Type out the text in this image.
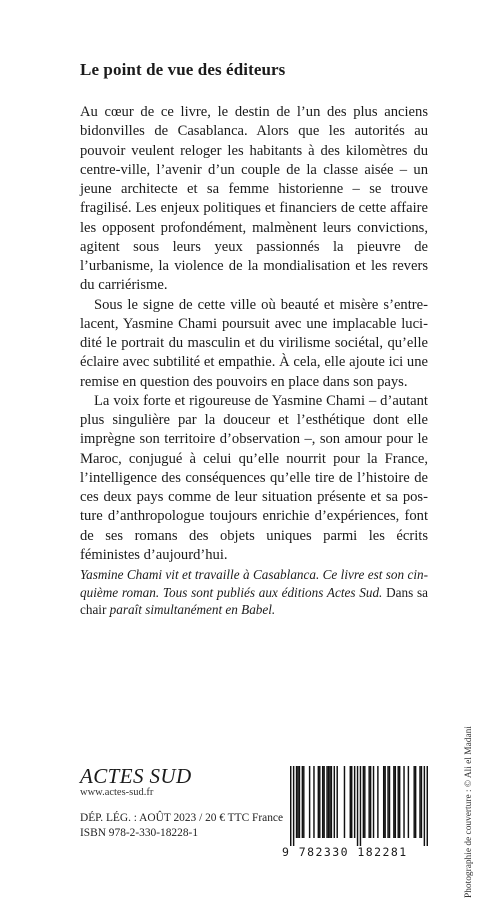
Le point de vue des éditeurs

Au cœur de ce livre, le destin de l’un des plus anciens bidonvilles de Casablanca. Alors que les autorités au pouvoir veulent reloger les habitants à des kilomètres du centre-ville, l’avenir d’un couple de la classe aisée – un jeune architecte et sa femme historienne – se trouve fragilisé. Les enjeux politiques et financiers de cette affaire les opposent profondément, malmènent leurs convictions, agitent sous leurs yeux passionnés la pieuvre de l’urbanisme, la violence de la mondialisation et les revers du carriérisme.

Sous le signe de cette ville où beauté et misère s’entrelacent, Yasmine Chami poursuit avec une implacable lucidité le portrait du masculin et du virilisme sociétal, qu’elle éclaire avec subtilité et empathie. À cela, elle ajoute ici une remise en question des pouvoirs en place dans son pays.

La voix forte et rigoureuse de Yasmine Chami – d’autant plus singulière par la douceur et l’esthétique dont elle imprègne son territoire d’observation –, son amour pour le Maroc, conjugué à celui qu’elle nourrit pour la France, l’intelligence des conséquences qu’elle tire de l’histoire de ces deux pays comme de leur situation présente et sa posture d’anthropologue toujours enrichie d’expériences, font de ses romans des objets uniques parmi les écrits féministes d’aujourd’hui.

Yasmine Chami vit et travaille à Casablanca. Ce livre est son cinquième roman. Tous sont publiés aux éditions Actes Sud. Dans sa chair paraît simultanément en Babel.

Photographie de couverture : © Ali el Madani
ACTES SUD
www.actes-sud.fr
DÉP. LÉG. : AOÛT 2023 / 20 € TTC France
ISBN 978-2-330-18228-1
9 782330 182281
